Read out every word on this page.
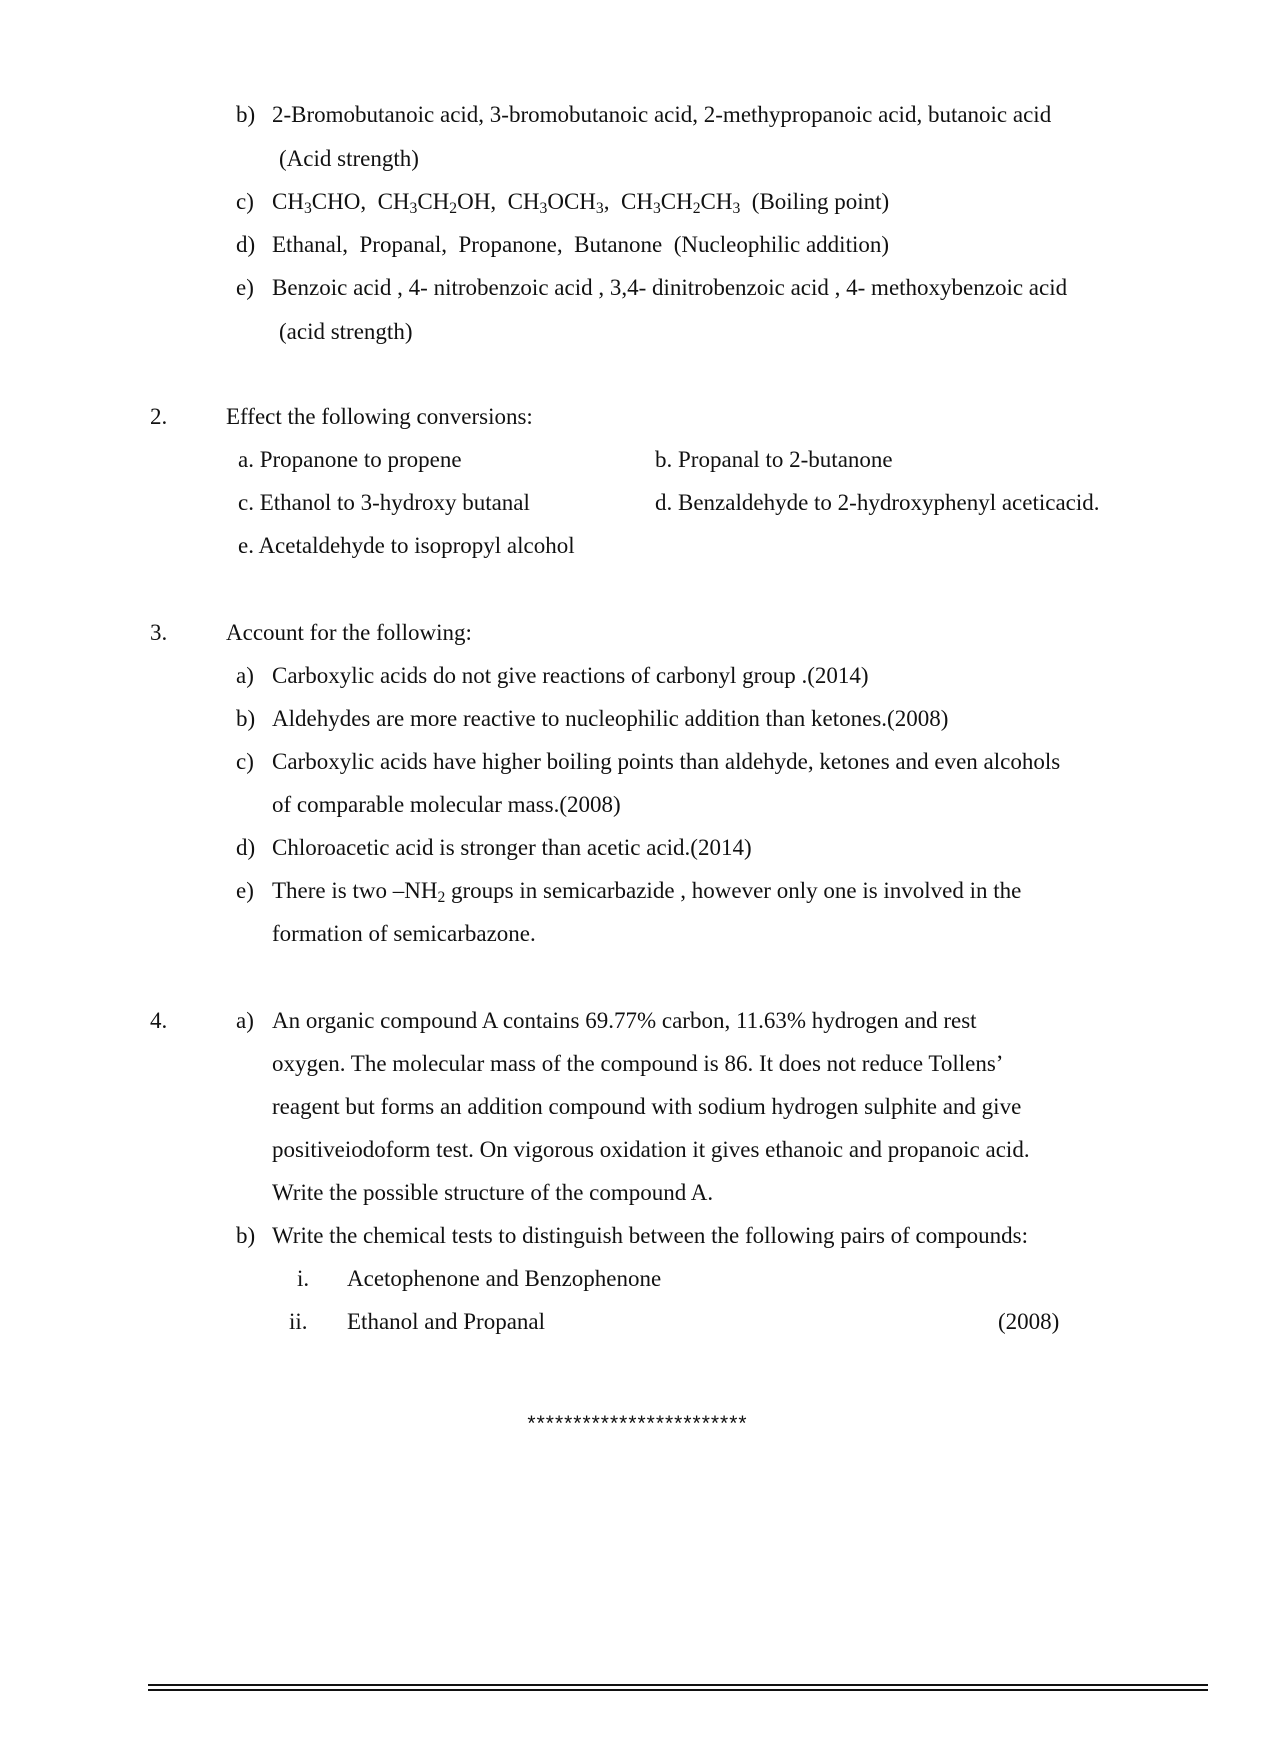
b) 2-Bromobutanoic acid, 3-bromobutanoic acid, 2-methypropanoic acid, butanoic acid
(Acid strength)
c) $CH_3CHO$, $CH_3CH_2OH$, $CH_3OCH_3$, $CH_3CH_2CH_3$ (Boiling point)
d) Ethanal,  Propanal,  Propanone,  Butanone  (Nucleophilic addition)
e) Benzoic acid , 4- nitrobenzoic acid , 3,4- dinitrobenzoic acid , 4- methoxybenzoic acid
(acid strength)
2.	Effect the following conversions:
a. Propanone to propene	b. Propanal to 2-butanone
c. Ethanol to 3-hydroxy butanal	d. Benzaldehyde to 2-hydroxyphenyl aceticacid.
e. Acetaldehyde to isopropyl alcohol
3.	Account for the following:
a) Carboxylic acids do not give reactions of carbonyl group .(2014)
b) Aldehydes are more reactive to nucleophilic addition than ketones.(2008)
c) Carboxylic acids have higher boiling points than aldehyde, ketones and even alcohols
of comparable molecular mass.(2008)
d) Chloroacetic acid is stronger than acetic acid.(2014)
e) There is two $-NH_2$ groups in semicarbazide , however only one is involved in the
formation of semicarbazone.
4.	a) An organic compound A contains 69.77% carbon, 11.63% hydrogen and rest
oxygen. The molecular mass of the compound is 86. It does not reduce Tollens’
reagent but forms an addition compound with sodium hydrogen sulphite and give
positiveiodoform test. On vigorous oxidation it gives ethanoic and propanoic acid.
Write the possible structure of the compound A.
b) Write the chemical tests to distinguish between the following pairs of compounds:
i. Acetophenone and Benzophenone
ii. Ethanol and Propanal	(2008)
************************
